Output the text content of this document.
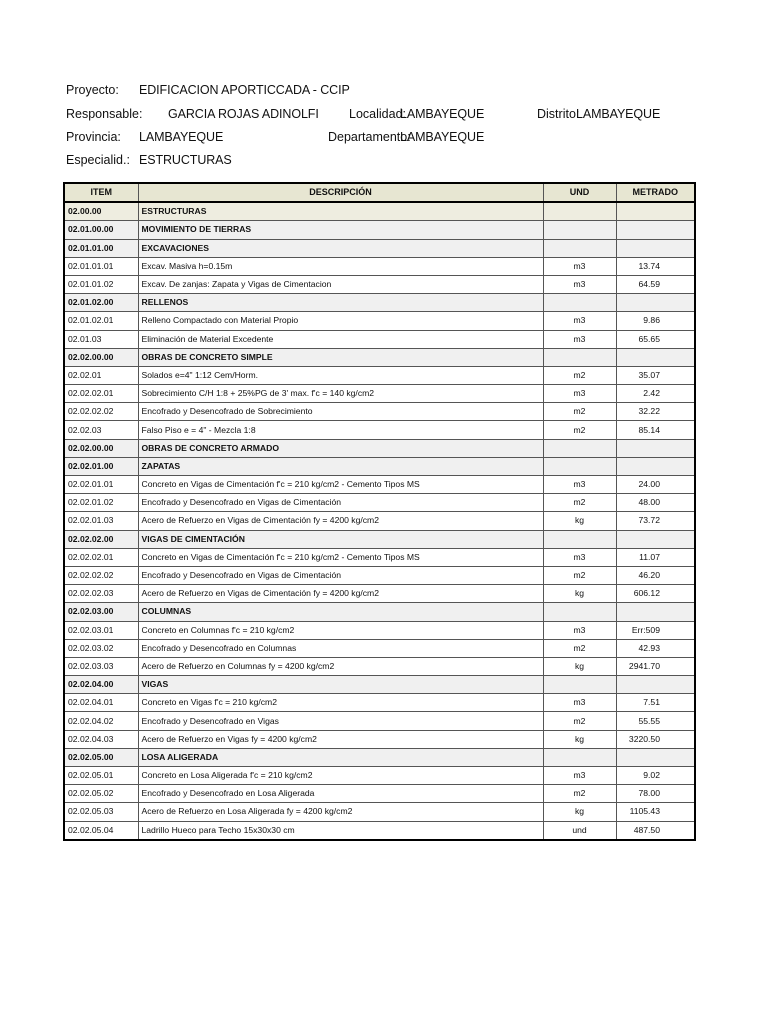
Proyecto: EDIFICACION APORTICCADA - CCIP
Responsable: GARCIA ROJAS ADINOLFI Localidad:
LAMBAYEQUE	Distrito:
LAMBAYEQUE
Provincia: LAMBAYEQUE	Departamento:
LAMBAYEQUE
Especialid.: ESTRUCTURAS
ITEM	DESCRIPCIÓN	UND	METRADO
02.00.00	ESTRUCTURAS		
02.01.00.00	MOVIMIENTO DE TIERRAS		
02.01.01.00	EXCAVACIONES		
02.01.01.01	Excav. Masiva h=0.15m	m3	13.74
02.01.01.02	Excav. De zanjas: Zapata y Vigas de Cimentacion	m3	64.59
02.01.02.00	RELLENOS		
02.01.02.01	Relleno Compactado con Material Propio	m3	9.86
02.01.03	Eliminación de Material Excedente	m3	65.65
02.02.00.00	OBRAS DE CONCRETO SIMPLE		
02.02.01	Solados e=4" 1:12 Cem/Horm.	m2	35.07
02.02.02.01	Sobrecimiento C/H 1:8 + 25%PG de 3' max. f'c = 140 kg/cm2	m3	2.42
02.02.02.02	Encofrado y Desencofrado de Sobrecimiento	m2	32.22
02.02.03	Falso Piso e = 4" - Mezcla 1:8	m2	85.14
02.02.00.00	OBRAS DE CONCRETO ARMADO		
02.02.01.00	ZAPATAS		
02.02.01.01	Concreto en Vigas de Cimentación f'c = 210 kg/cm2 - Cemento Tipos MS	m3	24.00
02.02.01.02	Encofrado y Desencofrado en Vigas de Cimentación	m2	48.00
02.02.01.03	Acero de Refuerzo en Vigas de Cimentación fy = 4200 kg/cm2	kg	73.72
02.02.02.00	VIGAS DE CIMENTACIÓN		
02.02.02.01	Concreto en Vigas de Cimentación f'c = 210 kg/cm2 - Cemento Tipos MS	m3	11.07
02.02.02.02	Encofrado y Desencofrado en Vigas de Cimentación	m2	46.20
02.02.02.03	Acero de Refuerzo en Vigas de Cimentación fy = 4200 kg/cm2	kg	606.12
02.02.03.00	COLUMNAS		
02.02.03.01	Concreto en Columnas f'c = 210 kg/cm2	m3	Err:509
02.02.03.02	Encofrado y Desencofrado en Columnas	m2	42.93
02.02.03.03	Acero de Refuerzo en Columnas fy = 4200 kg/cm2	kg	2941.70
02.02.04.00	VIGAS		
02.02.04.01	Concreto en Vigas f'c = 210 kg/cm2	m3	7.51
02.02.04.02	Encofrado y Desencofrado en Vigas	m2	55.55
02.02.04.03	Acero de Refuerzo en Vigas fy = 4200 kg/cm2	kg	3220.50
02.02.05.00	LOSA ALIGERADA		
02.02.05.01	Concreto en Losa Aligerada f'c = 210 kg/cm2	m3	9.02
02.02.05.02	Encofrado y Desencofrado en Losa Aligerada	m2	78.00
02.02.05.03	Acero de Refuerzo en Losa Aligerada fy = 4200 kg/cm2	kg	1105.43
02.02.05.04	Ladrillo Hueco para Techo 15x30x30 cm	und	487.50
